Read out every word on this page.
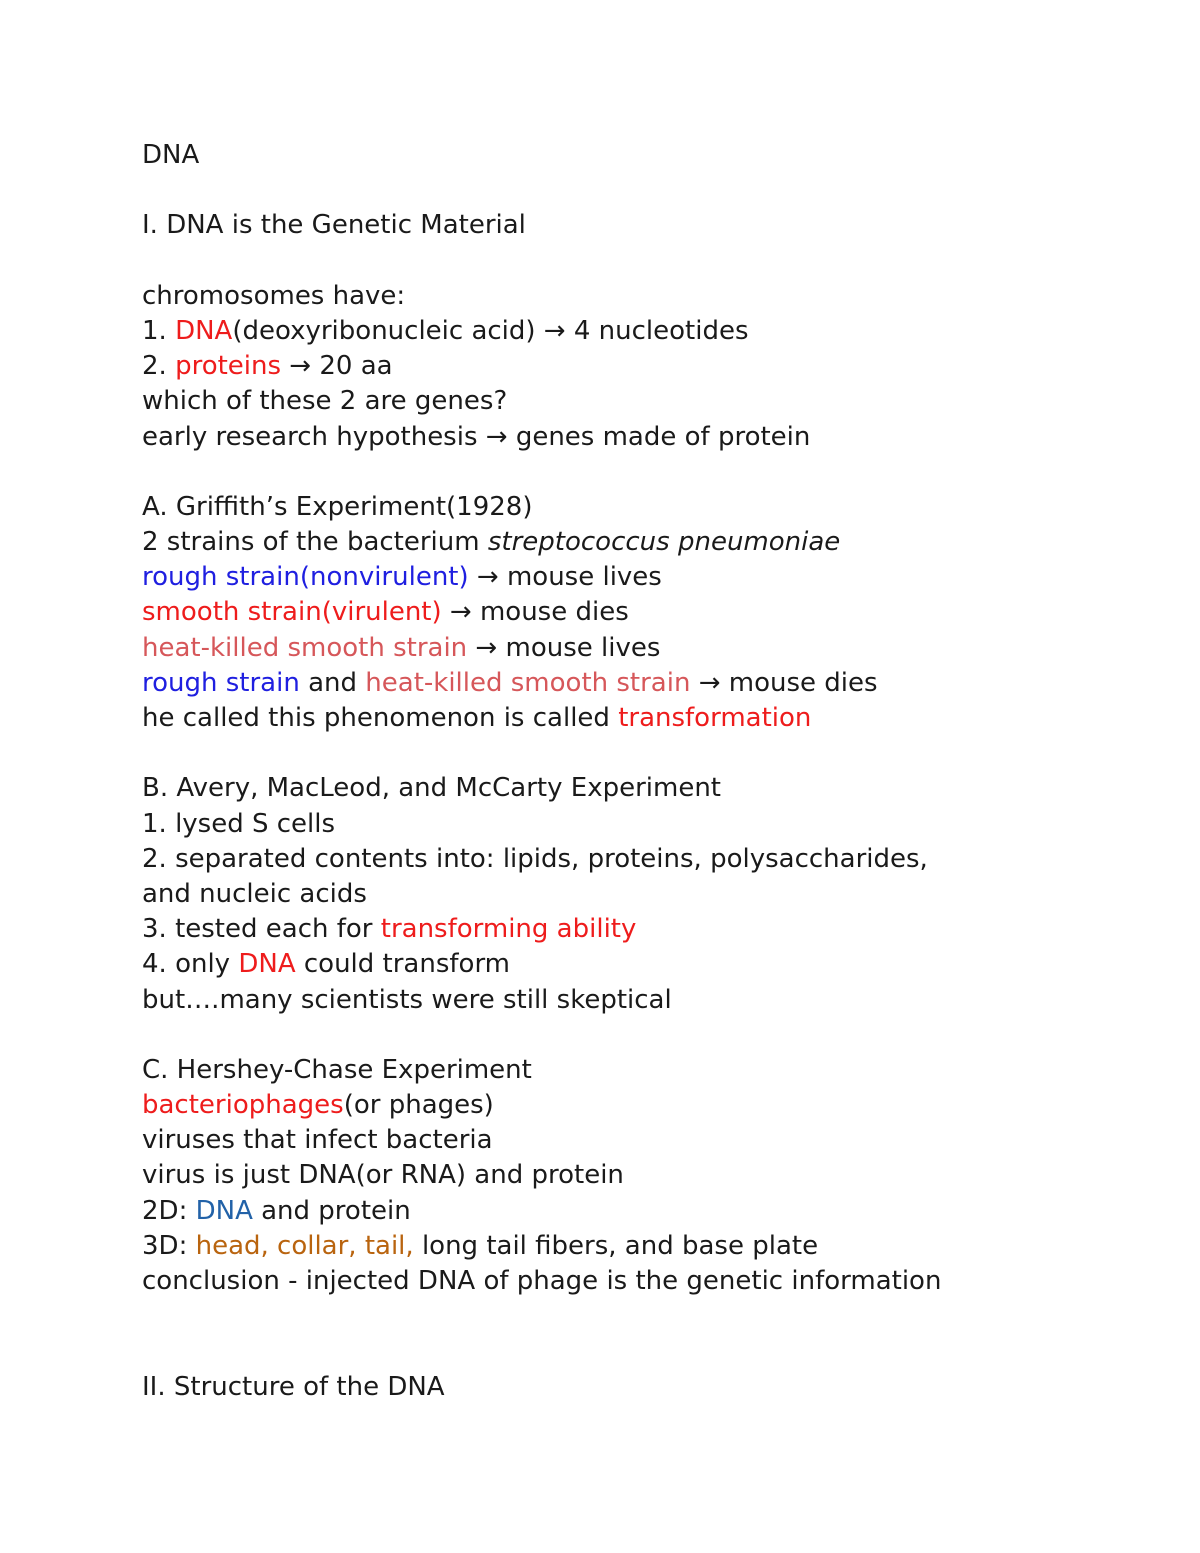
DNA
I. DNA is the Genetic Material
chromosomes have:
1. DNA(deoxyribonucleic acid) → 4 nucleotides
2. proteins → 20 aa
which of these 2 are genes?
early research hypothesis → genes made of protein
A. Griffith’s Experiment(1928)
2 strains of the bacterium streptococcus pneumoniae
rough strain(nonvirulent) → mouse lives
smooth strain(virulent) → mouse dies
heat-killed smooth strain → mouse lives
rough strain and heat-killed smooth strain → mouse dies
he called this phenomenon is called transformation
B. Avery, MacLeod, and McCarty Experiment
1. lysed S cells
2. separated contents into: lipids, proteins, polysaccharides,
and nucleic acids
3. tested each for transforming ability
4. only DNA could transform
but….many scientists were still skeptical
C. Hershey-Chase Experiment
bacteriophages(or phages)
viruses that infect bacteria
virus is just DNA(or RNA) and protein
2D: DNA and protein
3D: head, collar, tail, long tail fibers, and base plate
conclusion - injected DNA of phage is the genetic information
II. Structure of the DNA
